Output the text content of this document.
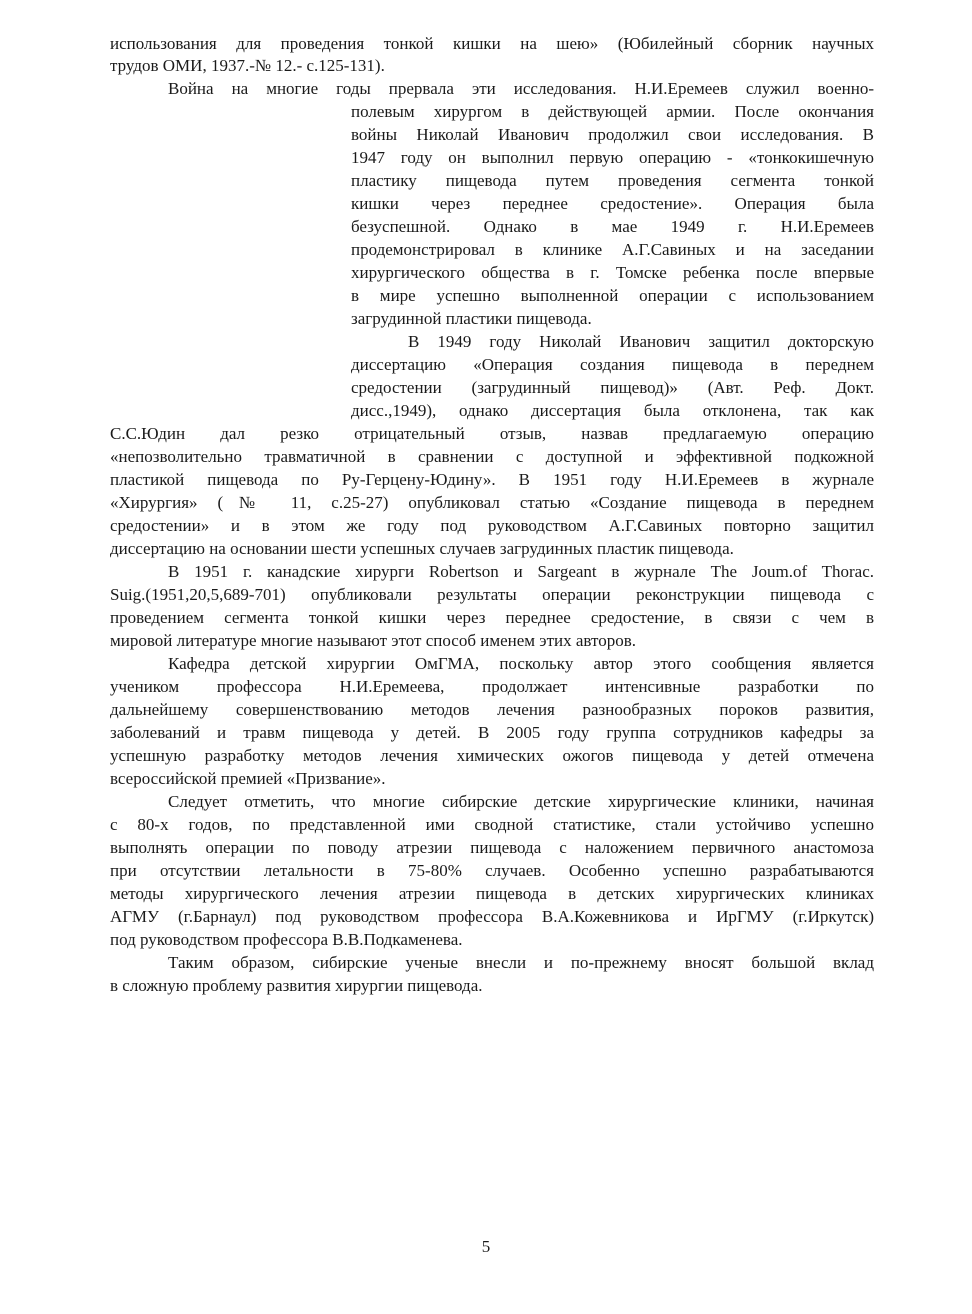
использования для проведения тонкой кишки на шею» (Юбилейный сборник научных
трудов ОМИ, 1937.-№ 12.- с.125-131).
Война на многие годы прервала эти исследования. Н.И.Еремеев служил военно-
полевым хирургом в действующей армии. После окончания
войны Николай Иванович продолжил свои исследования. В
1947 году он выполнил первую операцию - «тонкокишечную
пластику пищевода путем проведения сегмента тонкой
кишки через переднее средостение». Операция была
безуспешной. Однако в мае 1949 г. Н.И.Еремеев
продемонстрировал в клинике А.Г.Савиных и на заседании
хирургического общества в г. Томске ребенка после впервые
в мире успешно выполненной операции с использованием
загрудинной пластики пищевода.
В 1949 году Николай Иванович защитил докторскую
диссертацию «Операция создания пищевода в переднем
средостении (загрудинный пищевод)» (Авт. Реф. Докт.
дисс.,1949), однако диссертация была отклонена, так как
С.С.Юдин дал резко отрицательный отзыв, назвав предлагаемую операцию
«непозволительно травматичной в сравнении с доступной и эффективной подкожной
пластикой пищевода по Ру-Герцену-Юдину». В 1951 году Н.И.Еремеев в журнале
«Хирургия» (№ 11, с.25-27) опубликовал статью «Создание пищевода в переднем
средостении» и в этом же году под руководством А.Г.Савиных повторно защитил
диссертацию на основании шести успешных случаев загрудинных пластик пищевода.
В 1951 г. канадские хирурги Robertson и Sargeant в журнале The Joum.of Thorac.
Suig.(1951,20,5,689-701) опубликовали результаты операции реконструкции пищевода с
проведением сегмента тонкой кишки через переднее средостение, в связи с чем в
мировой литературе многие называют этот способ именем этих авторов.
Кафедра детской хирургии ОмГМА, поскольку автор этого сообщения является
учеником профессора Н.И.Еремеева, продолжает интенсивные разработки по
дальнейшему совершенствованию методов лечения разнообразных пороков развития,
заболеваний и травм пищевода у детей. В 2005 году группа сотрудников кафедры за
успешную разработку методов лечения химических ожогов пищевода у детей отмечена
всероссийской премией «Призвание».
Следует отметить, что многие сибирские детские хирургические клиники, начиная
с 80-х годов, по представленной ими сводной статистике, стали устойчиво успешно
выполнять операции по поводу атрезии пищевода с наложением первичного анастомоза
при отсутствии летальности в 75-80% случаев. Особенно успешно разрабатываются
методы хирургического лечения атрезии пищевода в детских хирургических клиниках
АГМУ (г.Барнаул) под руководством профессора В.А.Кожевникова и ИрГМУ (г.Иркутск)
под руководством профессора В.В.Подкаменева.
Таким образом, сибирские ученые внесли и по-прежнему вносят большой вклад
в сложную проблему развития хирургии пищевода.
5
